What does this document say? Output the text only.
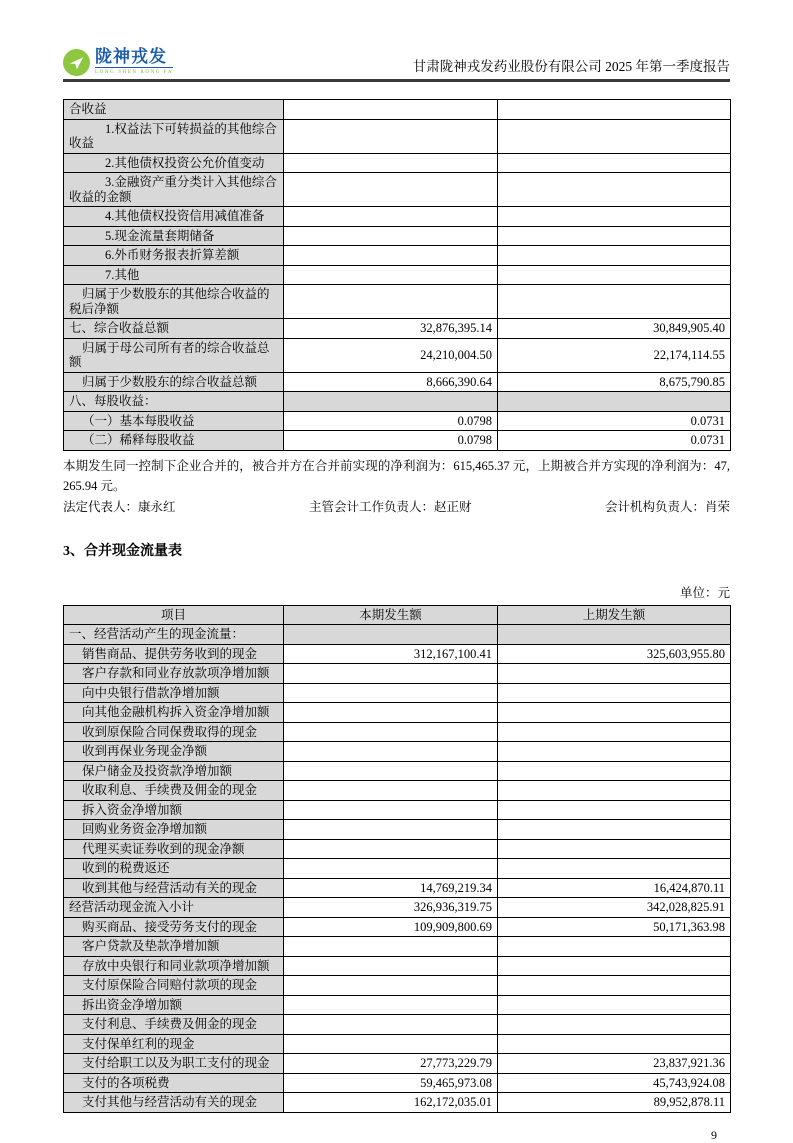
陇神戎发
LONG SHEN RONG FA	甘肃陇神戎发药业股份有限公司 2025 年第一季度报告
合收益		
1.权益法下可转损益的其他综合收益		
2.其他债权投资公允价值变动		
3.金融资产重分类计入其他综合收益的金额		
4.其他债权投资信用减值准备		
5.现金流量套期储备		
6.外币财务报表折算差额		
7.其他		
归属于少数股东的其他综合收益的税后净额		
七、综合收益总额	32,876,395.14	30,849,905.40
归属于母公司所有者的综合收益总额	24,210,004.50	22,174,114.55
归属于少数股东的综合收益总额	8,666,390.64	8,675,790.85
八、每股收益：		
（一）基本每股收益	0.0798	0.0731
（二）稀释每股收益	0.0798	0.0731

本期发生同一控制下企业合并的，被合并方在合并前实现的净利润为：615,465.37 元，上期被合并方实现的净利润为：47,265.94 元。

法定代表人：康永红	主管会计工作负责人：赵正财	会计机构负责人：肖荣
3、合并现金流量表
单位：元
项目	本期发生额	上期发生额
一、经营活动产生的现金流量：		
销售商品、提供劳务收到的现金	312,167,100.41	325,603,955.80
客户存款和同业存放款项净增加额		
向中央银行借款净增加额		
向其他金融机构拆入资金净增加额		
收到原保险合同保费取得的现金		
收到再保业务现金净额		
保户储金及投资款净增加额		
收取利息、手续费及佣金的现金		
拆入资金净增加额		
回购业务资金净增加额		
代理买卖证券收到的现金净额		
收到的税费返还		
收到其他与经营活动有关的现金	14,769,219.34	16,424,870.11
经营活动现金流入小计	326,936,319.75	342,028,825.91
购买商品、接受劳务支付的现金	109,909,800.69	50,171,363.98
客户贷款及垫款净增加额		
存放中央银行和同业款项净增加额		
支付原保险合同赔付款项的现金		
拆出资金净增加额		
支付利息、手续费及佣金的现金		
支付保单红利的现金		
支付给职工以及为职工支付的现金	27,773,229.79	23,837,921.36
支付的各项税费	59,465,973.08	45,743,924.08
支付其他与经营活动有关的现金	162,172,035.01	89,952,878.11
9
